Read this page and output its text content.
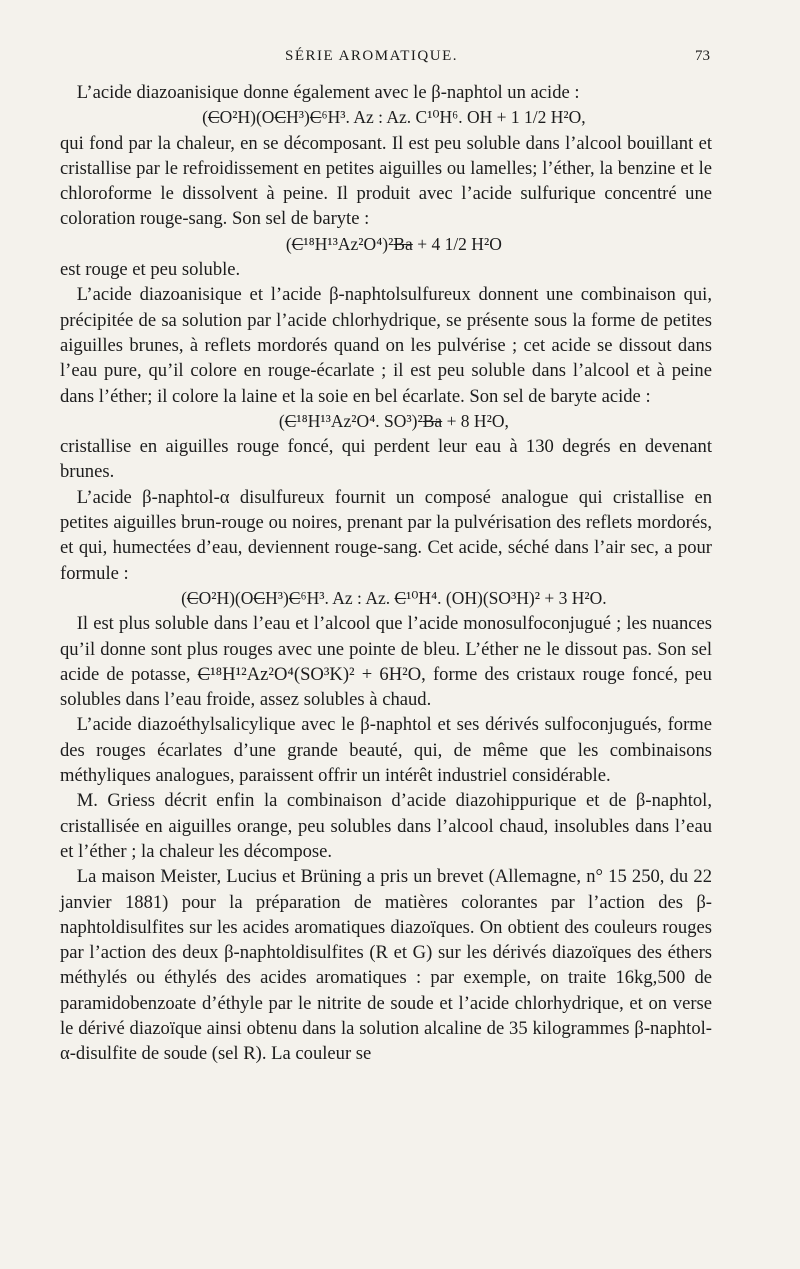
SÉRIE AROMATIQUE.	73

L’acide diazoanisique donne également avec le β-naphtol un acide :

(CO²H)(OCH³)C⁶H³. Az : Az. C¹⁰H⁶. OH + 1 1/2 H²O,

qui fond par la chaleur, en se décomposant. Il est peu soluble dans l’alcool bouillant et cristallise par le refroidissement en petites aiguilles ou lamelles; l’éther, la benzine et le chloroforme le dissolvent à peine. Il produit avec l’acide sulfurique concentré une coloration rouge-sang. Son sel de baryte :

(C¹⁸H¹³Az²O⁴)²Ba + 4 1/2 H²O

est rouge et peu soluble.

L’acide diazoanisique et l’acide β-naphtolsulfureux donnent une combinaison qui, précipitée de sa solution par l’acide chlorhydrique, se présente sous la forme de petites aiguilles brunes, à reflets mordorés quand on les pulvérise ; cet acide se dissout dans l’eau pure, qu’il colore en rouge-écarlate ; il est peu soluble dans l’alcool et à peine dans l’éther; il colore la laine et la soie en bel écarlate. Son sel de baryte acide :

(C¹⁸H¹³Az²O⁴. SO³)²Ba + 8 H²O,

cristallise en aiguilles rouge foncé, qui perdent leur eau à 130 degrés en devenant brunes.

L’acide β-naphtol-α disulfureux fournit un composé analogue qui cristallise en petites aiguilles brun-rouge ou noires, prenant par la pulvérisation des reflets mordorés, et qui, humectées d’eau, deviennent rouge-sang. Cet acide, séché dans l’air sec, a pour formule :

(CO²H)(OCH³)C⁶H³. Az : Az. C¹⁰H⁴. (OH)(SO³H)² + 3 H²O.

Il est plus soluble dans l’eau et l’alcool que l’acide monosulfoconjugué ; les nuances qu’il donne sont plus rouges avec une pointe de bleu. L’éther ne le dissout pas. Son sel acide de potasse, C¹⁸H¹²Az²O⁴(SO³K)² + 6H²O, forme des cristaux rouge foncé, peu solubles dans l’eau froide, assez solubles à chaud.

L’acide diazoéthylsalicylique avec le β-naphtol et ses dérivés sulfoconjugués, forme des rouges écarlates d’une grande beauté, qui, de même que les combinaisons méthyliques analogues, paraissent offrir un intérêt industriel considérable.

M. Griess décrit enfin la combinaison d’acide diazohippurique et de β-naphtol, cristallisée en aiguilles orange, peu solubles dans l’alcool chaud, insolubles dans l’eau et l’éther ; la chaleur les décompose.

La maison Meister, Lucius et Brüning a pris un brevet (Allemagne, n° 15 250, du 22 janvier 1881) pour la préparation de matières colorantes par l’action des β-naphtoldisulfites sur les acides aromatiques diazoïques. On obtient des couleurs rouges par l’action des deux β-naphtoldisulfites (R et G) sur les dérivés diazoïques des éthers méthylés ou éthylés des acides aromatiques : par exemple, on traite 16kg,500 de paramidobenzoate d’éthyle par le nitrite de soude et l’acide chlorhydrique, et on verse le dérivé diazoïque ainsi obtenu dans la solution alcaline de 35 kilogrammes β-naphtol-α-disulfite de soude (sel R). La couleur se
